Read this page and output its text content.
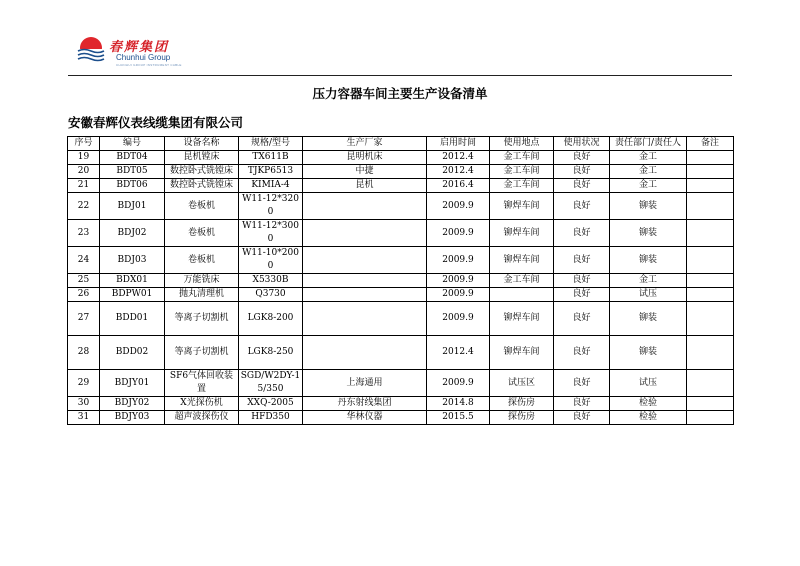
春辉集团
Chunhui Group
CHUNHUI GROUP INSTRUMENT CABLE
压力容器车间主要生产设备清单
安徽春辉仪表线缆集团有限公司
序号	编号	设备名称	规格/型号	生产厂家	启用时间	使用地点	使用状况	责任部门/责任人	备注
19	BDT04	昆机镗床	TX611B	昆明机床	2012.4	金工车间	良好	金工	
20	BDT05	数控卧式铣镗床	TJKP6513	中捷	2012.4	金工车间	良好	金工	
21	BDT06	数控卧式铣镗床	KIMIA-4	昆机	2016.4	金工车间	良好	金工	
22	BDJ01	卷板机	W11-12*3200		2009.9	铆焊车间	良好	铆装	
23	BDJ02	卷板机	W11-12*3000		2009.9	铆焊车间	良好	铆装	
24	BDJ03	卷板机	W11-10*2000		2009.9	铆焊车间	良好	铆装	
25	BDX01	万能铣床	X5330B		2009.9	金工车间	良好	金工	
26	BDPW01	抛丸清理机	Q3730		2009.9		良好	试压	
27	BDD01	等离子切割机	LGK8-200		2009.9	铆焊车间	良好	铆装	
28	BDD02	等离子切割机	LGK8-250		2012.4	铆焊车间	良好	铆装	
29	BDJY01	SF6气体回收装置	SGD/W2DY-15/350	上海通用	2009.9	试压区	良好	试压	
30	BDJY02	X光探伤机	XXQ-2005	丹东射线集团	2014.8	探伤房	良好	检验	
31	BDJY03	超声波探伤仪	HFD350	华林仪器	2015.5	探伤房	良好	检验	
